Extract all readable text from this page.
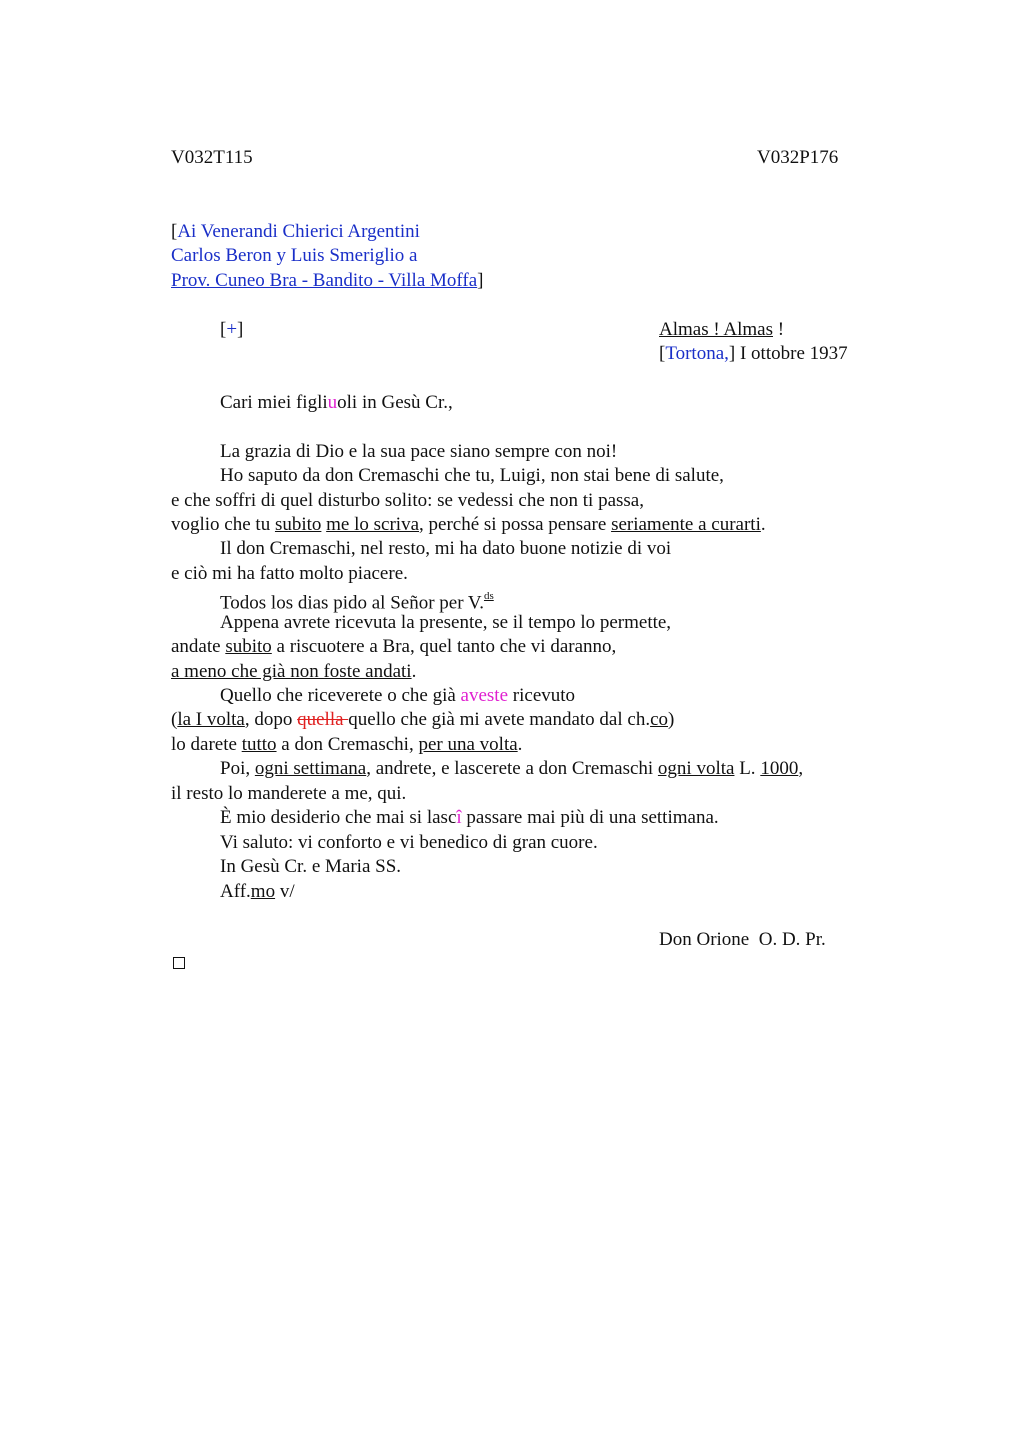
V032T115	V032P176
[Ai Venerandi Chierici Argentini
Carlos Beron y Luis Smeriglio a
Prov. Cuneo Bra - Bandito - Villa Moffa]
[+]	Almas ! Almas !
[Tortona,] I ottobre 1937
Cari miei figliuoli in Gesù Cr.,
La grazia di Dio e la sua pace siano sempre con noi!
Ho saputo da don Cremaschi che tu, Luigi, non stai bene di salute,
e che soffri di quel disturbo solito: se vedessi che non ti passa,
voglio che tu subito me lo scriva, perché si possa pensare seriamente a curarti.
Il don Cremaschi, nel resto, mi ha dato buone notizie di voi
e ciò mi ha fatto molto piacere.
Todos los dias pido al Señor per V.$^{ds}$
Appena avrete ricevuta la presente, se il tempo lo permette,
andate subito a riscuotere a Bra, quel tanto che vi daranno,
a meno che già non foste andati.
Quello che riceverete o che già aveste ricevuto
(la I volta, dopo quella quello che già mi avete mandato dal ch.co)
lo darete tutto a don Cremaschi, per una volta.
Poi, ogni settimana, andrete, e lascerete a don Cremaschi ogni volta L. 1000,
il resto lo manderete a me, qui.
È mio desiderio che mai si lascî passare mai più di una settimana.
Vi saluto: vi conforto e vi benedico di gran cuore.
In Gesù Cr. e Maria SS.
Aff.mo v/
Don Orione  O. D. Pr.
